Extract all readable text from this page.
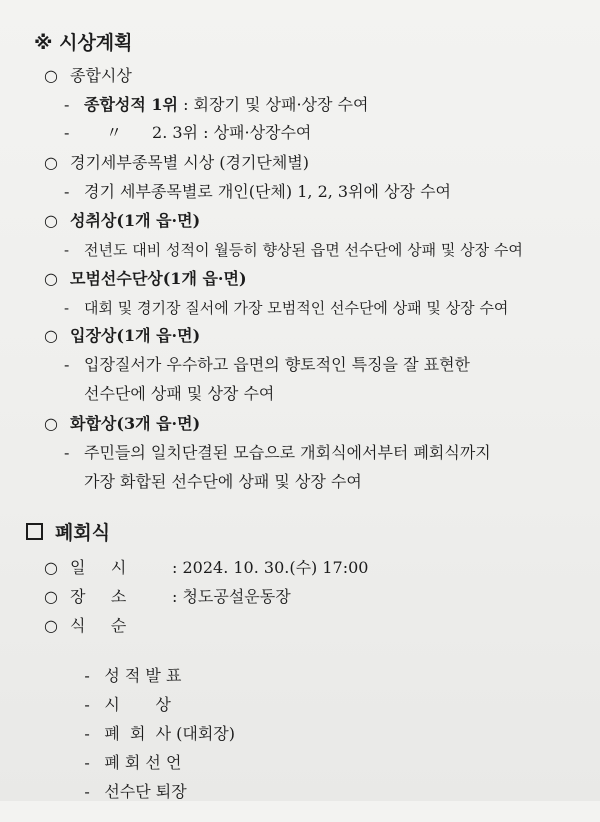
※ 시상계획
○ 종합시상
- 종합성적 1위 : 회장기 및 상패·상장 수여
- 〃 2. 3위 : 상패·상장수여
○ 경기세부종목별 시상 (경기단체별)
- 경기 세부종목별로 개인(단체) 1, 2, 3위에 상장 수여
○ 성취상(1개 읍·면)
- 전년도 대비 성적이 월등히 향상된 읍면 선수단에 상패 및 상장 수여
○ 모범선수단상(1개 읍·면)
- 대회 및 경기장 질서에 가장 모범적인 선수단에 상패 및 상장 수여
○ 입장상(1개 읍·면)
- 입장질서가 우수하고 읍면의 향토적인 특징을 잘 표현한
선수단에 상패 및 상장 수여
○ 화합상(3개 읍·면)
- 주민들의 일치단결된 모습으로 개회식에서부터 폐회식까지
가장 화합된 선수단에 상패 및 상장 수여
폐회식
○ 일     시	: 2024. 10. 30.(수) 17:00
○ 장     소	: 청도공설운동장
○ 식     순

- 성 적 발 표

- 시       상

- 폐  회  사 (대회장)

- 폐 회 선 언

- 선수단 퇴장
